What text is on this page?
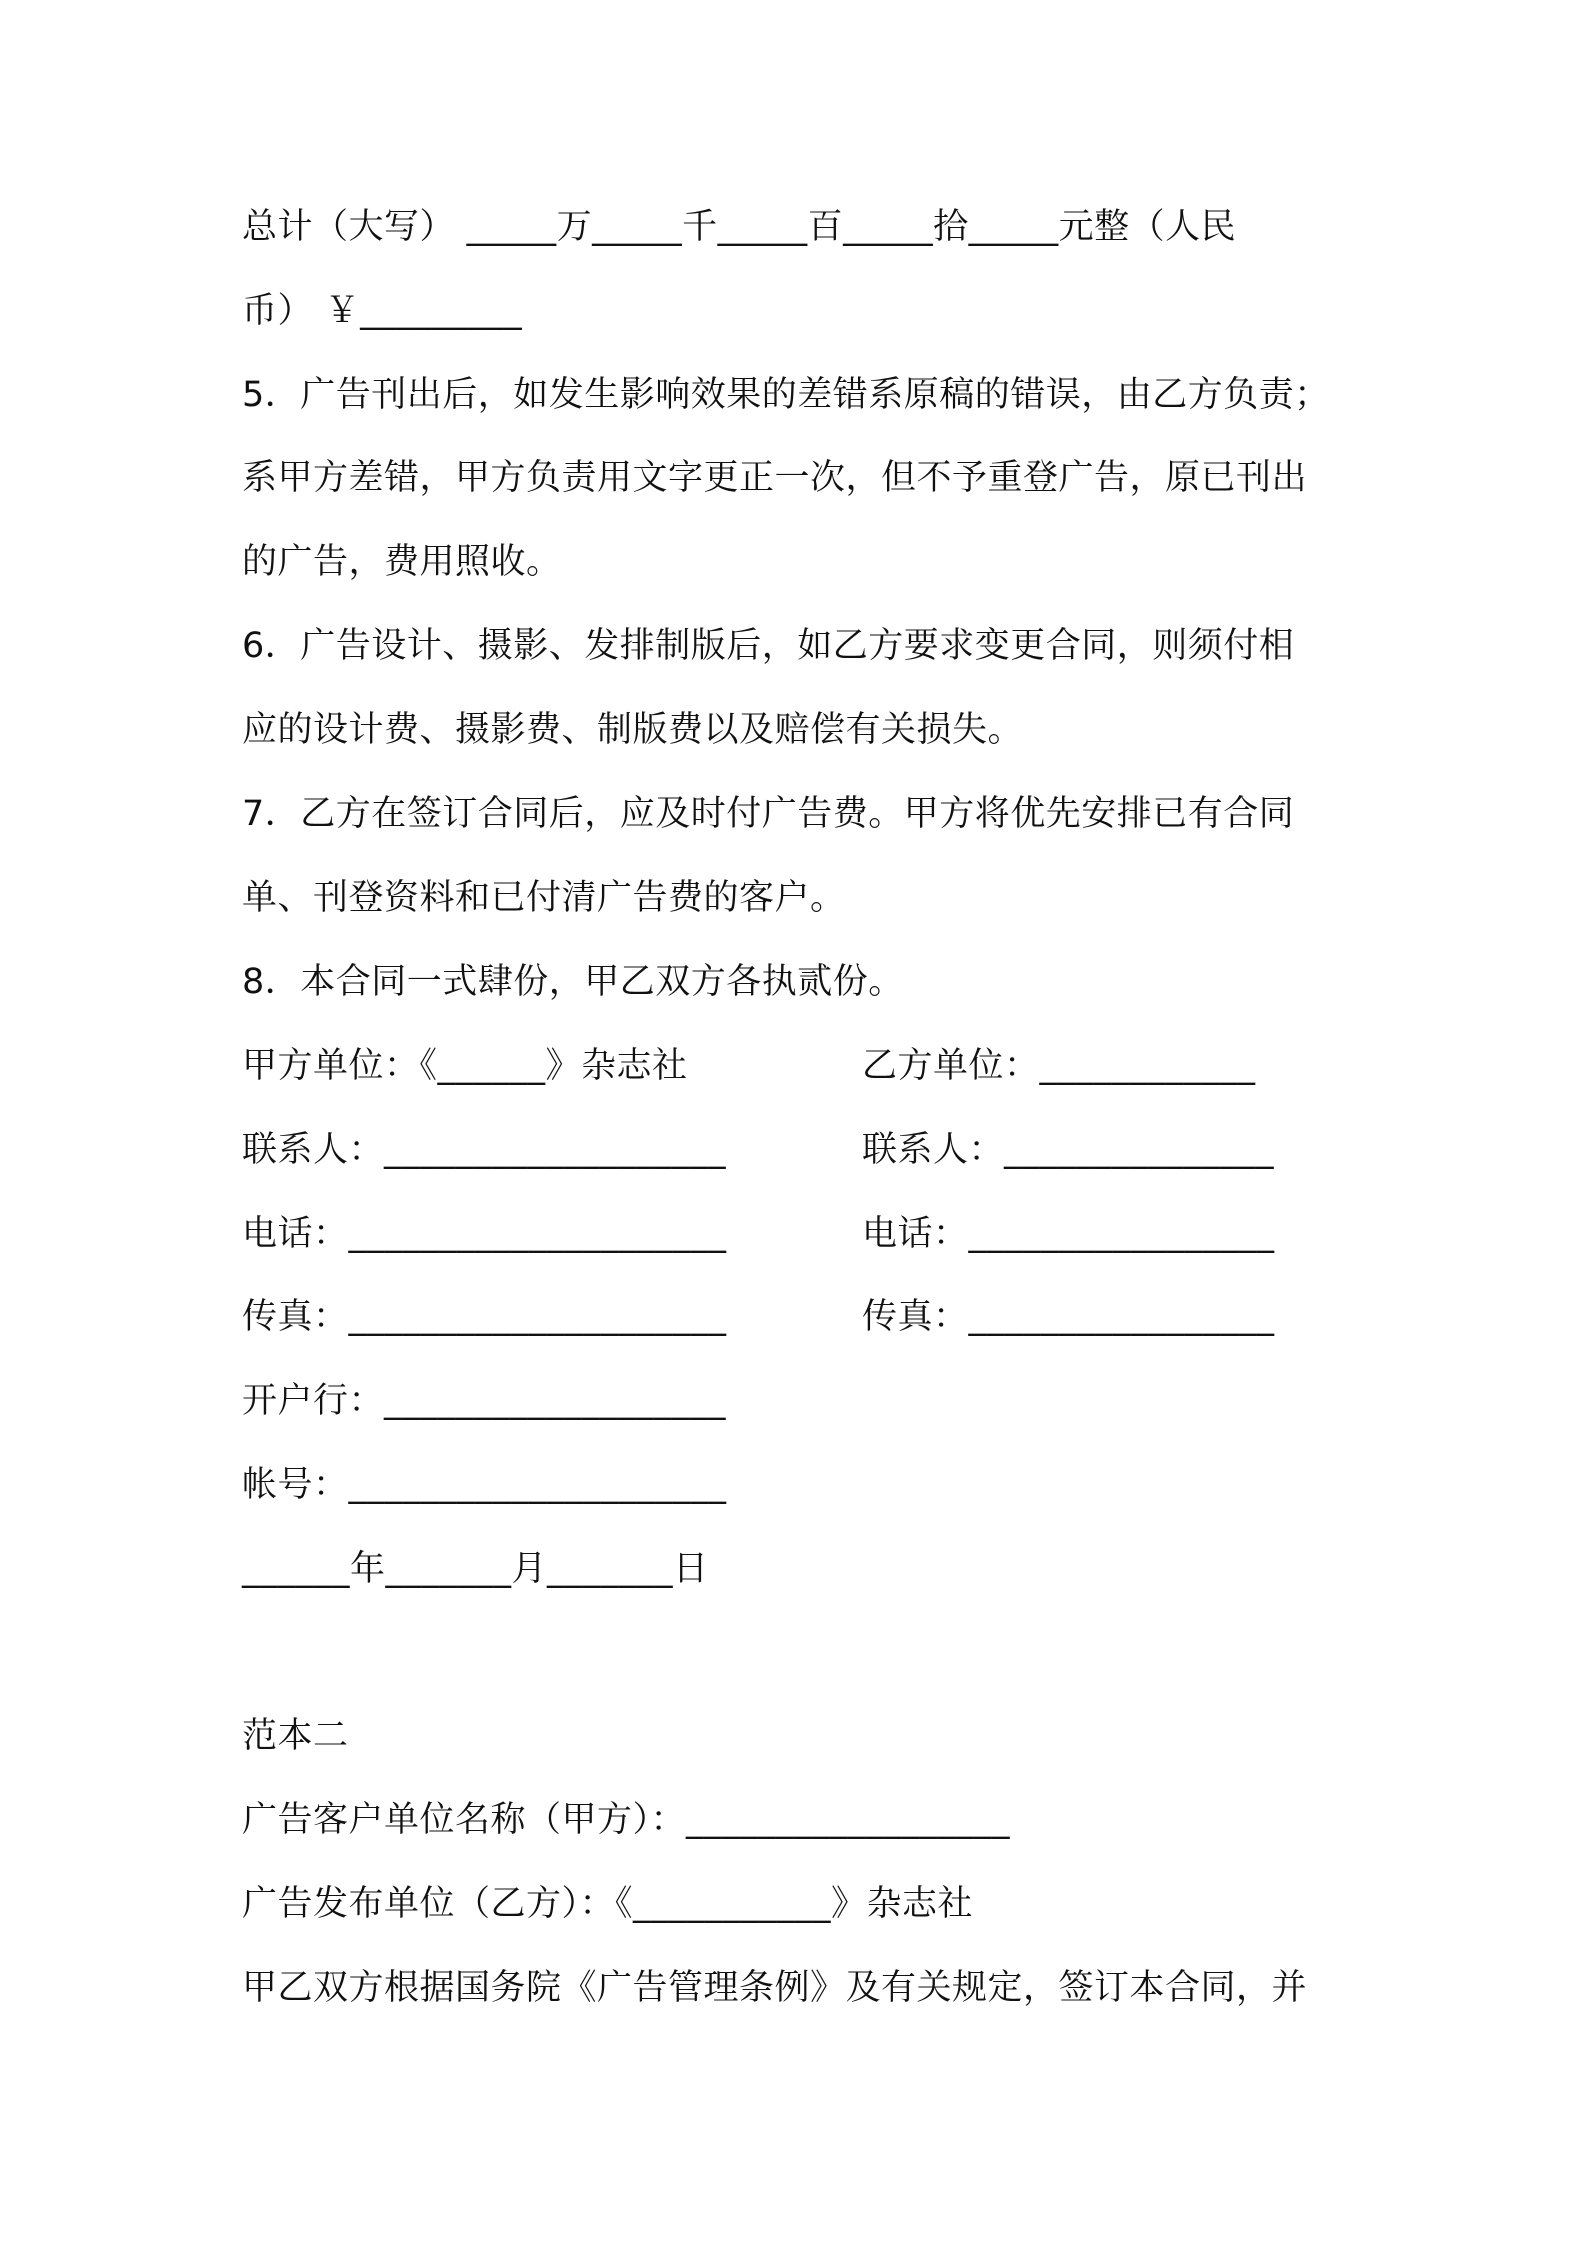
总计（大写） _____万_____千_____百_____拾_____元整（人民
币） ￥_________
5．广告刊出后，如发生影响效果的差错系原稿的错误，由乙方负责；
系甲方差错，甲方负责用文字更正一次，但不予重登广告，原已刊出
的广告，费用照收。
6．广告设计、摄影、发排制版后，如乙方要求变更合同，则须付相
应的设计费、摄影费、制版费以及赔偿有关损失。
7．乙方在签订合同后，应及时付广告费。甲方将优先安排已有合同
单、刊登资料和已付清广告费的客户。
8．本合同一式肆份，甲乙双方各执贰份。
甲方单位：《______》杂志社	乙方单位：____________
联系人：___________________	联系人：_______________
电话：_____________________	电话：_________________
传真：_____________________	传真：_________________
开户行：___________________
帐号：_____________________
______年_______月_______日
范本二
广告客户单位名称（甲方）：__________________
广告发布单位（乙方）：《___________》杂志社
甲乙双方根据国务院《广告管理条例》及有关规定，签订本合同，并
